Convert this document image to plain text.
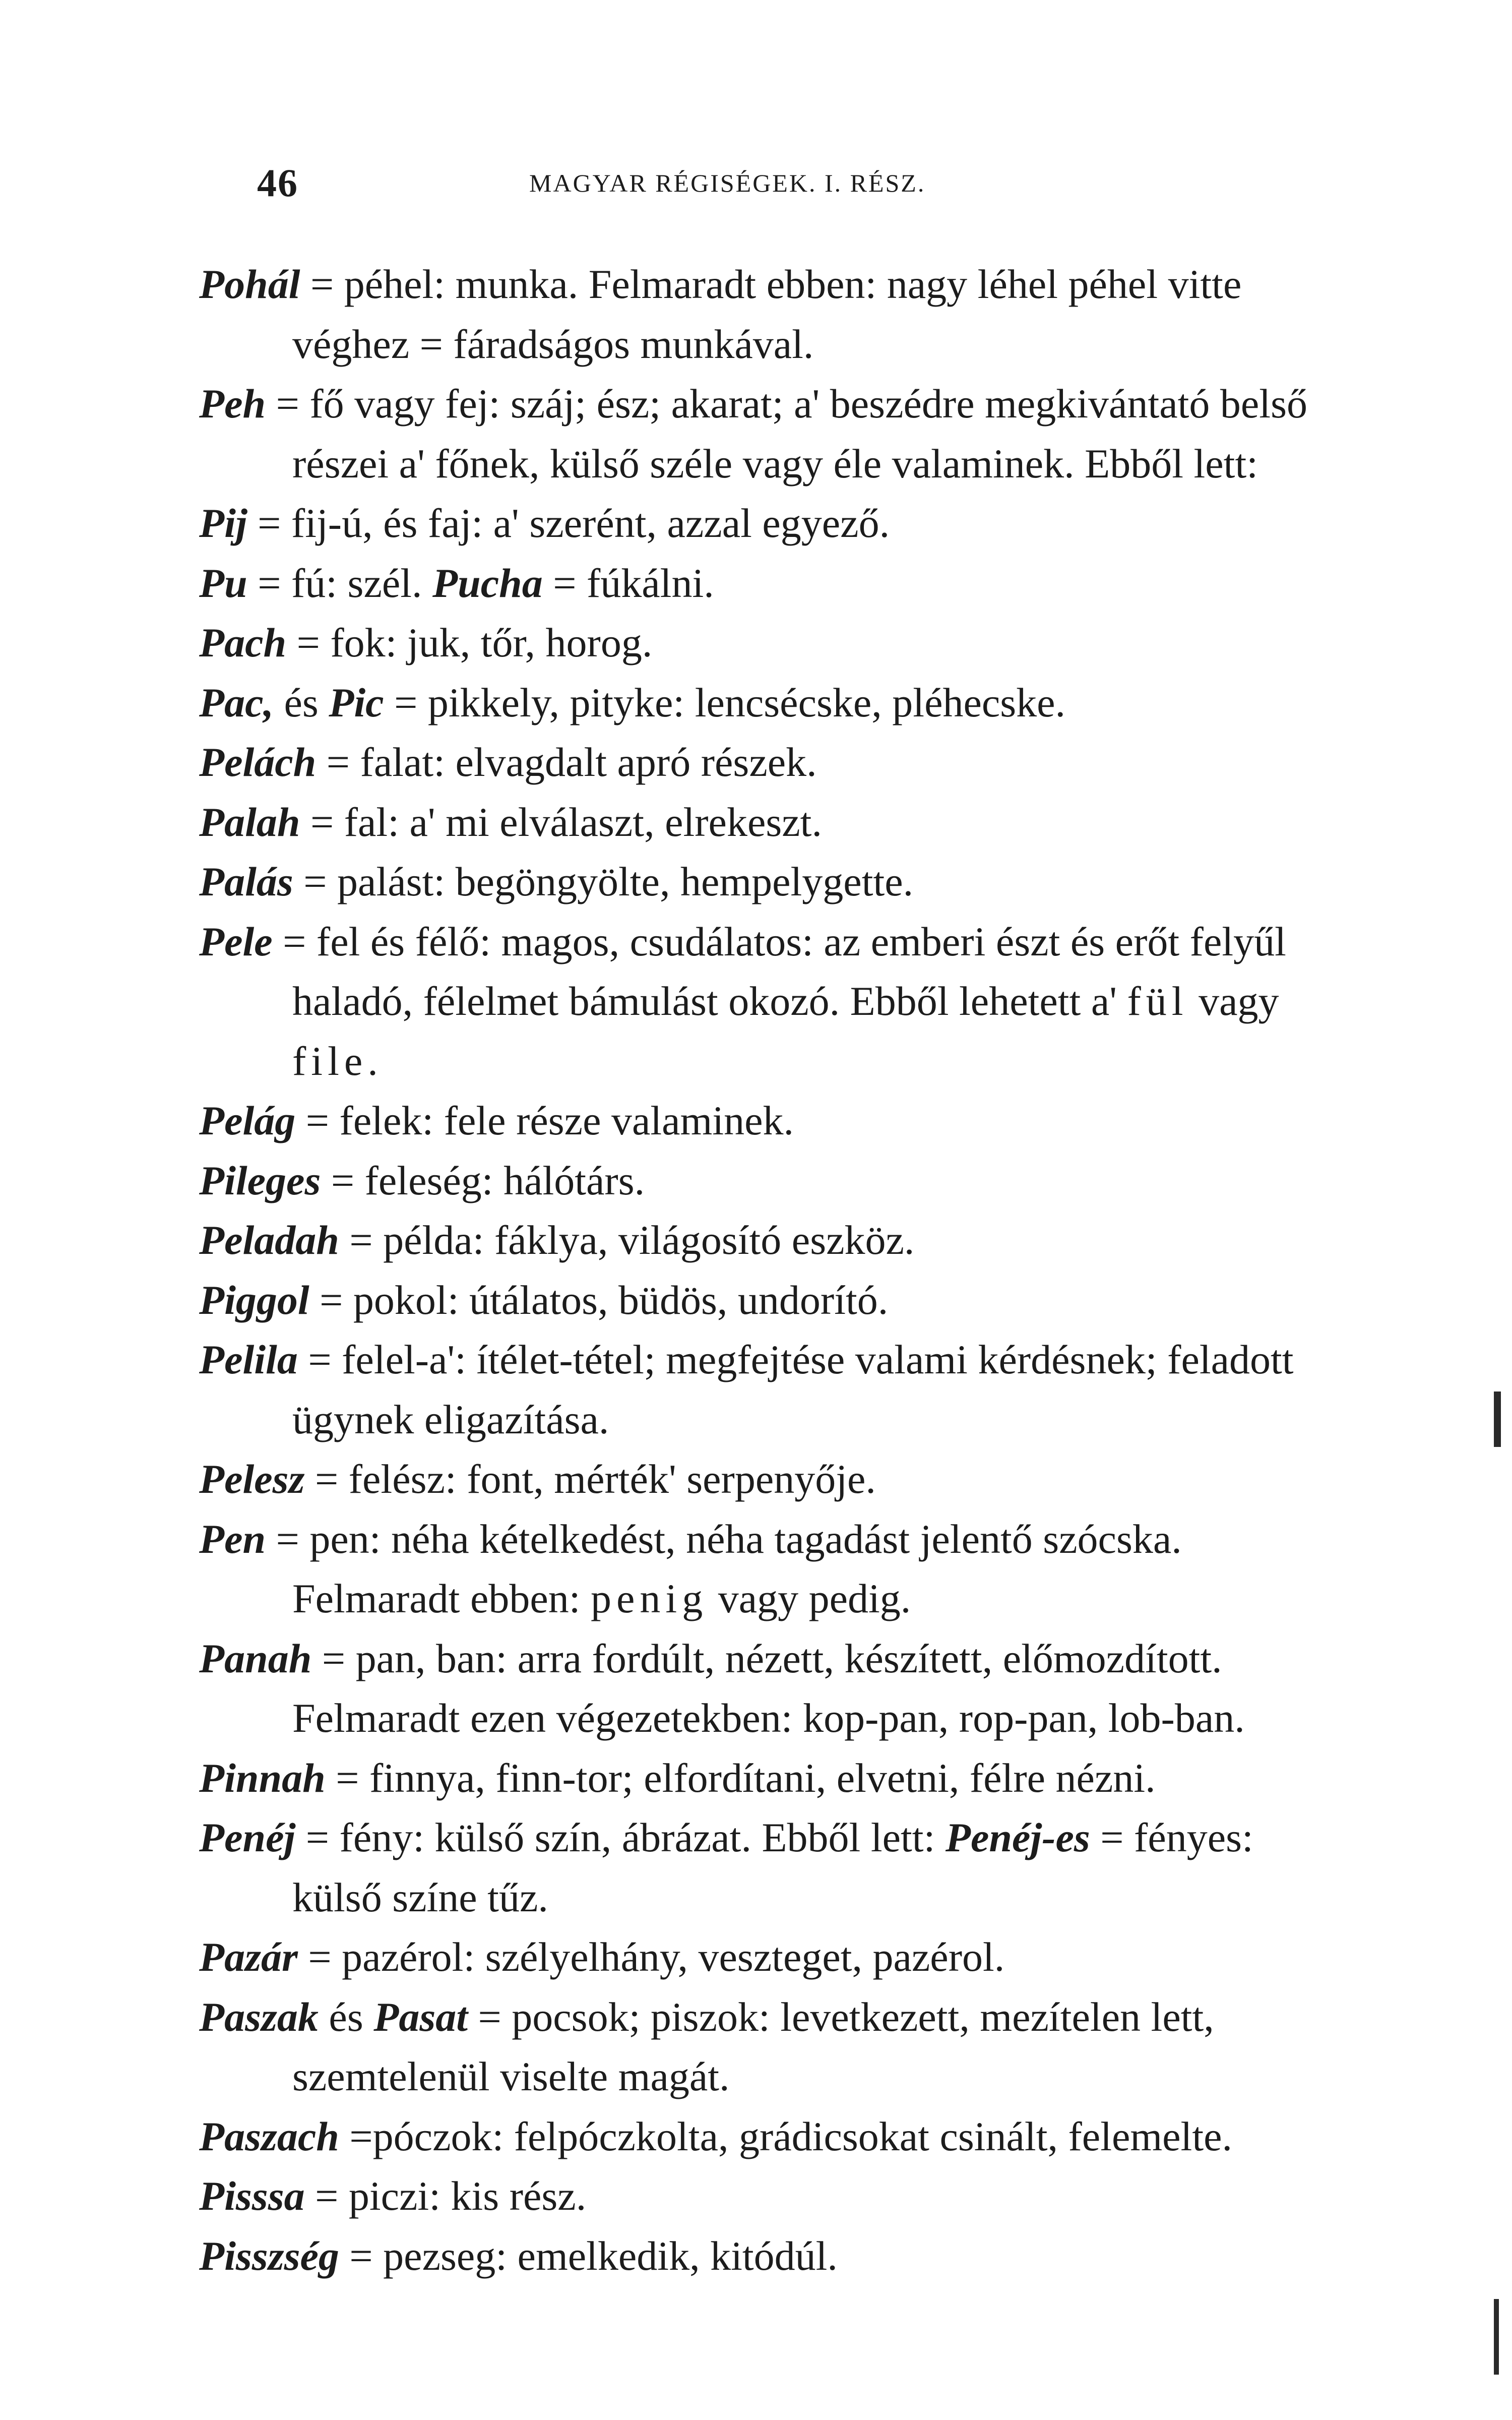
46	MAGYAR RÉGISÉGEK. I. RÉSZ.
Pohál = péhel: munka. Felmaradt ebben: nagy léhel péhel vitte véghez = fáradságos munkával.
Peh = fő vagy fej: száj; ész; akarat; a' beszédre megkivántató belső részei a' főnek, külső széle vagy éle valaminek. Ebből lett:
Pij = fij-ú, és faj: a' szerént, azzal egyező.
Pu = fú: szél. Pucha = fúkálni.
Pach = fok: juk, tőr, horog.
Pac, és Pic = pikkely, pityke: lencsécske, pléhecske.
Pelách = falat: elvagdalt apró részek.
Palah = fal: a' mi elválaszt, elrekeszt.
Palás = palást: begöngyölte, hempelygette.
Pele = fel és félő: magos, csudálatos: az emberi észt és erőt felyűl haladó, félelmet bámulást okozó. Ebből lehetett a' fül vagy file.
Pelág = felek: fele része valaminek.
Pileges = feleség: hálótárs.
Peladah = példa: fáklya, világosító eszköz.
Piggol = pokol: útálatos, büdös, undorító.
Pelila = felel-a': ítélet-tétel; megfejtése valami kérdésnek; feladott ügynek eligazítása.
Pelesz = felész: font, mérték' serpenyője.
Pen = pen: néha kételkedést, néha tagadást jelentő szócska. Felmaradt ebben: penig vagy pedig.
Panah = pan, ban: arra fordúlt, nézett, készített, előmozdított. Felmaradt ezen végezetekben: kop-pan, rop-pan, lob-ban.
Pinnah = finnya, finn-tor; elfordítani, elvetni, félre nézni.
Penéj = fény: külső szín, ábrázat. Ebből lett: Penéj-es = fényes: külső színe tűz.
Pazár = pazérol: szélyelhány, veszteget, pazérol.
Paszak és Pasat = pocsok; piszok: levetkezett, mezítelen lett, szemtelenül viselte magát.
Paszach =póczok: felpóczkolta, grádicsokat csinált, felemelte.
Pisssa = piczi: kis rész.
Pisszség = pezseg: emelkedik, kitódúl.
